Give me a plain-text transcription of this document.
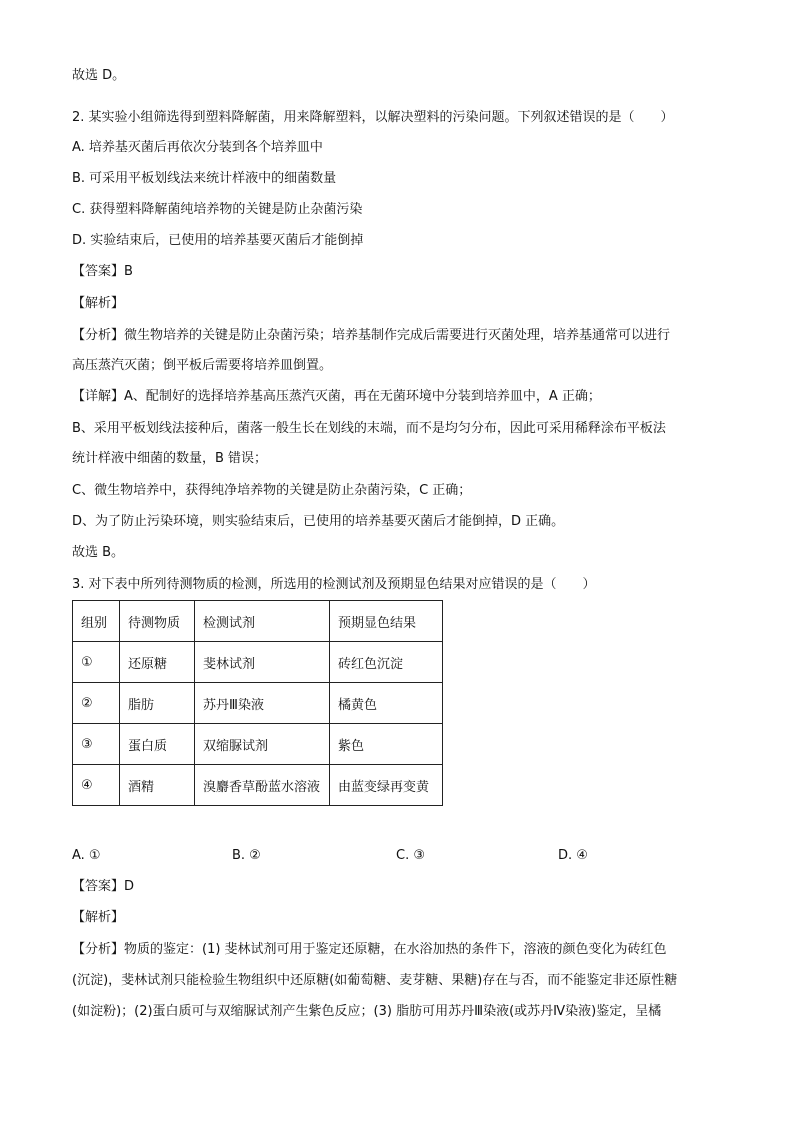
故选 D。
2. 某实验小组筛选得到塑料降解菌，用来降解塑料，以解决塑料的污染问题。下列叙述错误的是（　　）
A. 培养基灭菌后再依次分装到各个培养皿中
B. 可采用平板划线法来统计样液中的细菌数量
C. 获得塑料降解菌纯培养物的关键是防止杂菌污染
D. 实验结束后，已使用的培养基要灭菌后才能倒掉
【答案】B
【解析】
【分析】微生物培养的关键是防止杂菌污染；培养基制作完成后需要进行灭菌处理，培养基通常可以进行
高压蒸汽灭菌；倒平板后需要将培养皿倒置。
【详解】A、配制好的选择培养基高压蒸汽灭菌，再在无菌环境中分装到培养皿中，A 正确；
B、采用平板划线法接种后，菌落一般生长在划线的末端，而不是均匀分布，因此可采用稀释涂布平板法
统计样液中细菌的数量，B 错误；
C、微生物培养中，获得纯净培养物的关键是防止杂菌污染，C 正确；
D、为了防止污染环境，则实验结束后，已使用的培养基要灭菌后才能倒掉，D 正确。
故选 B。
3. 对下表中所列待测物质的检测，所选用的检测试剂及预期显色结果对应错误的是（　　）
组别	待测物质	检测试剂	预期显色结果
①	还原糖	斐林试剂	砖红色沉淀
②	脂肪	苏丹Ⅲ染液	橘黄色
③	蛋白质	双缩脲试剂	紫色
④	酒精	溴麝香草酚蓝水溶液	由蓝变绿再变黄
A. ①	B. ②	C. ③	D. ④
【答案】D
【解析】
【分析】物质的鉴定：(1) 斐林试剂可用于鉴定还原糖，在水浴加热的条件下，溶液的颜色变化为砖红色
(沉淀)，斐林试剂只能检验生物组织中还原糖(如葡萄糖、麦芽糖、果糖)存在与否，而不能鉴定非还原性糖
(如淀粉)；(2)蛋白质可与双缩脲试剂产生紫色反应；(3) 脂肪可用苏丹Ⅲ染液(或苏丹Ⅳ染液)鉴定，呈橘
